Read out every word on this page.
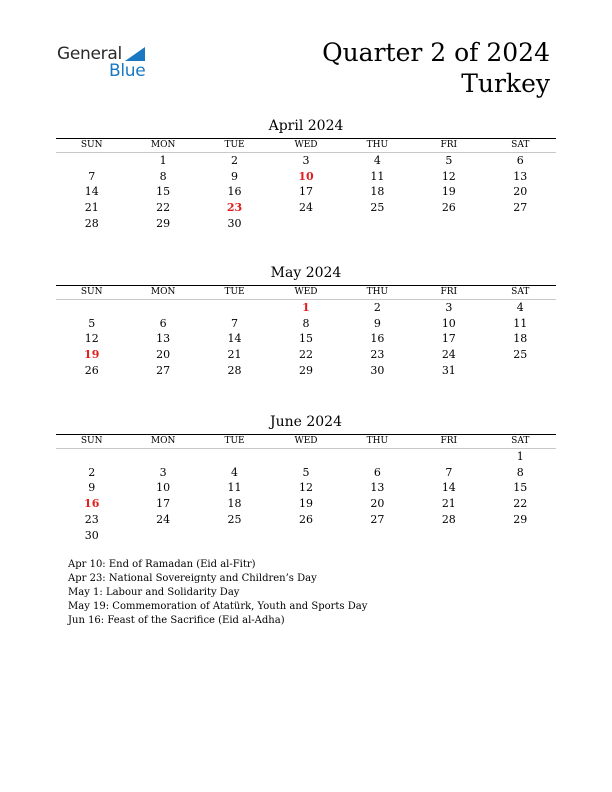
General
Blue
Quarter 2 of 2024
Turkey
April 2024
SUN	MON	TUE	WED	THU	FRI	SAT
	1	2	3	4	5	6
7	8	9	10	11	12	13
14	15	16	17	18	19	20
21	22	23	24	25	26	27
28	29	30				
May 2024
SUN	MON	TUE	WED	THU	FRI	SAT
			1	2	3	4
5	6	7	8	9	10	11
12	13	14	15	16	17	18
19	20	21	22	23	24	25
26	27	28	29	30	31	
June 2024
SUN	MON	TUE	WED	THU	FRI	SAT
						1
2	3	4	5	6	7	8
9	10	11	12	13	14	15
16	17	18	19	20	21	22
23	24	25	26	27	28	29
30						
Apr 10: End of Ramadan (Eid al-Fitr)
Apr 23: National Sovereignty and Children’s Day
May 1: Labour and Solidarity Day
May 19: Commemoration of Atatürk, Youth and Sports Day
Jun 16: Feast of the Sacrifice (Eid al-Adha)
